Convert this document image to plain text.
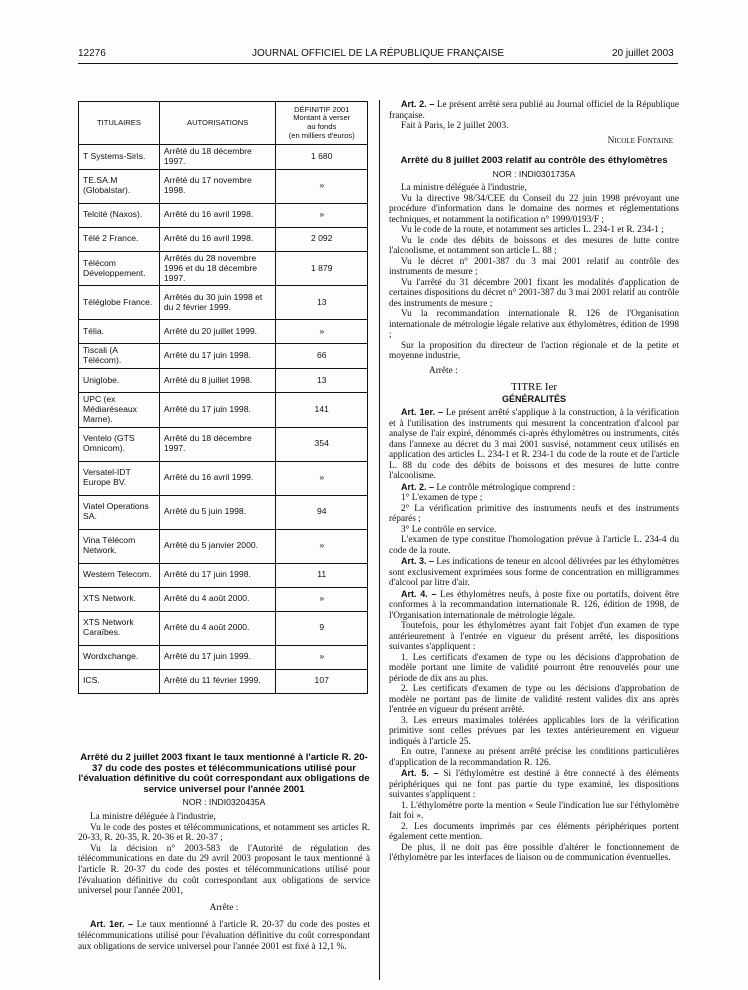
12276	JOURNAL OFFICIEL DE LA RÉPUBLIQUE FRANÇAISE	20 juillet 2003
TITULAIRES	AUTORISATIONS	DÉFINITIF 2001
Montant à verser
au fonds
(en milliers d'euros)
T Systems-Siris.	Arrêté du 18 décembre 1997.	1 680
TE.SA.M (Globalstar).	Arrêté du 17 novembre 1998.	»
Telcité (Naxos).	Arrêté du 16 avril 1998.	»
Télé 2 France.	Arrêté du 16 avril 1998.	2 092
Télécom Développement.	Arrêtés du 28 novembre 1996 et du 18 décembre 1997.	1 879
Téléglobe France.	Arrêtés du 30 juin 1998 et du 2 février 1999.	13
Télia.	Arrêté du 20 juillet 1999.	»
Tiscali (A Télécom).	Arrêté du 17 juin 1998.	66
Uniglobe.	Arrêté du 8 juillet 1998.	13
UPC (ex Médiaréseaux Marne).	Arrêté du 17 juin 1998.	141
Ventelo (GTS Omnicom).	Arrêté du 18 décembre 1997.	354
Versatel-IDT Europe BV.	Arrêté du 16 avril 1999.	»
Viatel Operations SA.	Arrêté du 5 juin 1998.	94
Vina Télécom Network.	Arrêté du 5 janvier 2000.	»
Western Telecom.	Arrêté du 17 juin 1998.	11
XTS Network.	Arrêté du 4 août 2000.	»
XTS Network Caraïbes.	Arrêté du 4 août 2000.	9
Wordxchange.	Arrêté du 17 juin 1999.	»
ICS.	Arrêté du 11 février 1999.	107
Arrêté du 2 juillet 2003 fixant le taux mentionné à l'article R. 20-37 du code des postes et télécommunications utilisé pour l'évaluation définitive du coût correspondant aux obligations de service universel pour l'année 2001
NOR : INDI0320435A

La ministre déléguée à l'industrie,

Vu le code des postes et télécommunications, et notamment ses articles R. 20-33, R. 20-35, R. 20-36 et R. 20-37 ;

Vu la décision n° 2003-583 de l'Autorité de régulation des télécommunications en date du 29 avril 2003 proposant le taux mentionné à l'article R. 20-37 du code des postes et télécommunications utilisé pour l'évaluation définitive du coût correspondant aux obligations de service universel pour l'année 2001,

Arrête :

Art. 1er. – Le taux mentionné à l'article R. 20-37 du code des postes et télécommunications utilisé pour l'évaluation définitive du coût correspondant aux obligations de service universel pour l'année 2001 est fixé à 12,1 %.

Art. 2. – Le présent arrêté sera publié au Journal officiel de la République française.

Fait à Paris, le 2 juillet 2003.

Nicole Fontaine

Arrêté du 8 juillet 2003 relatif au contrôle des éthylomètres
NOR : INDI0301735A

La ministre déléguée à l'industrie,

Vu la directive 98/34/CEE du Conseil du 22 juin 1998 prévoyant une procédure d'information dans le domaine des normes et réglementations techniques, et notamment la notification n° 1999/0193/F ;

Vu le code de la route, et notamment ses articles L. 234-1 et R. 234-1 ;

Vu le code des débits de boissons et des mesures de lutte contre l'alcoolisme, et notamment son article L. 88 ;

Vu le décret n° 2001-387 du 3 mai 2001 relatif au contrôle des instruments de mesure ;

Vu l'arrêté du 31 décembre 2001 fixant les modalités d'application de certaines dispositions du décret n° 2001-387 du 3 mai 2001 relatif au contrôle des instruments de mesure ;

Vu la recommandation internationale R. 126 de l'Organisation internationale de métrologie légale relative aux éthylomètres, édition de 1998 ;

Sur la proposition du directeur de l'action régionale et de la petite et moyenne industrie,

Arrête :

TITRE Ier

GÉNÉRALITÉS

Art. 1er. – Le présent arrêté s'applique à la construction, à la vérification et à l'utilisation des instruments qui mesurent la concentration d'alcool par analyse de l'air expiré, dénommés ci-après éthylomètres ou instruments, cités dans l'annexe au décret du 3 mai 2001 susvisé, notamment ceux utilisés en application des articles L. 234-1 et R. 234-1 du code de la route et de l'article L. 88 du code des débits de boissons et des mesures de lutte contre l'alcoolisme.

Art. 2. – Le contrôle métrologique comprend :

1° L'examen de type ;

2° La vérification primitive des instruments neufs et des instruments réparés ;

3° Le contrôle en service.

L'examen de type constitue l'homologation prévue à l'article L. 234-4 du code de la route.

Art. 3. – Les indications de teneur en alcool délivrées par les éthylomètres sont exclusivement exprimées sous forme de concentration en milligrammes d'alcool par litre d'air.

Art. 4. – Les éthylomètres neufs, à poste fixe ou portatifs, doivent être conformes à la recommandation internationale R. 126, édition de 1998, de l'Organisation internationale de métrologie légale.

Toutefois, pour les éthylomètres ayant fait l'objet d'un examen de type antérieurement à l'entrée en vigueur du présent arrêté, les dispositions suivantes s'appliquent :

1. Les certificats d'examen de type ou les décisions d'approbation de modèle portant une limite de validité pourront être renouvelés pour une période de dix ans au plus.

2. Les certificats d'examen de type ou les décisions d'approbation de modèle ne portant pas de limite de validité restent valides dix ans après l'entrée en vigueur du présent arrêté.

3. Les erreurs maximales tolérées applicables lors de la vérification primitive sont celles prévues par les textes antérieurement en vigueur indiqués à l'article 25.

En outre, l'annexe au présent arrêté précise les conditions particulières d'application de la recommandation R. 126.

Art. 5. – Si l'éthylomètre est destiné à être connecté à des éléments périphériques qui ne font pas partie du type examiné, les dispositions suivantes s'appliquent :

1. L'éthylomètre porte la mention « Seule l'indication lue sur l'éthylomètre fait foi ».

2. Les documents imprimés par ces éléments périphériques portent également cette mention.

De plus, il ne doit pas être possible d'altérer le fonctionnement de l'éthylomètre par les interfaces de liaison ou de communication éventuelles.
